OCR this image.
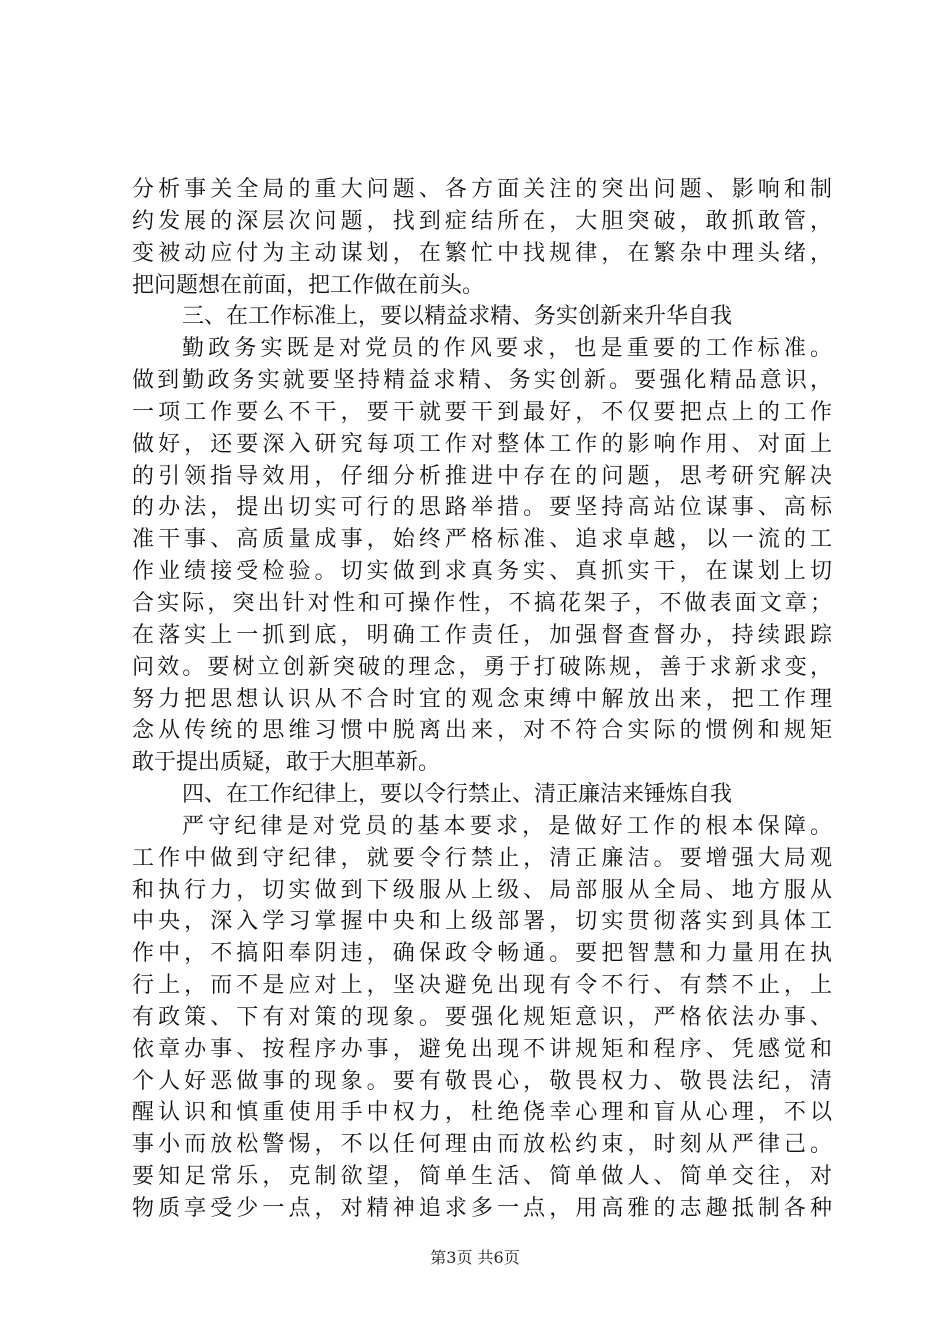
分析事关全局的重大问题、各方面关注的突出问题、影响和制
约发展的深层次问题，找到症结所在，大胆突破，敢抓敢管，
变被动应付为主动谋划，在繁忙中找规律，在繁杂中理头绪，
把问题想在前面，把工作做在前头。
三、在工作标准上，要以精益求精、务实创新来升华自我
勤政务实既是对党员的作风要求，也是重要的工作标准。
做到勤政务实就要坚持精益求精、务实创新。要强化精品意识，
一项工作要么不干，要干就要干到最好，不仅要把点上的工作
做好，还要深入研究每项工作对整体工作的影响作用、对面上
的引领指导效用，仔细分析推进中存在的问题，思考研究解决
的办法，提出切实可行的思路举措。要坚持高站位谋事、高标
准干事、高质量成事，始终严格标准、追求卓越，以一流的工
作业绩接受检验。切实做到求真务实、真抓实干，在谋划上切
合实际，突出针对性和可操作性，不搞花架子，不做表面文章；
在落实上一抓到底，明确工作责任，加强督查督办，持续跟踪
问效。要树立创新突破的理念，勇于打破陈规，善于求新求变，
努力把思想认识从不合时宜的观念束缚中解放出来，把工作理
念从传统的思维习惯中脱离出来，对不符合实际的惯例和规矩
敢于提出质疑，敢于大胆革新。
四、在工作纪律上，要以令行禁止、清正廉洁来锤炼自我
严守纪律是对党员的基本要求，是做好工作的根本保障。
工作中做到守纪律，就要令行禁止，清正廉洁。要增强大局观
和执行力，切实做到下级服从上级、局部服从全局、地方服从
中央，深入学习掌握中央和上级部署，切实贯彻落实到具体工
作中，不搞阳奉阴违，确保政令畅通。要把智慧和力量用在执
行上，而不是应对上，坚决避免出现有令不行、有禁不止，上
有政策、下有对策的现象。要强化规矩意识，严格依法办事、
依章办事、按程序办事，避免出现不讲规矩和程序、凭感觉和
个人好恶做事的现象。要有敬畏心，敬畏权力、敬畏法纪，清
醒认识和慎重使用手中权力，杜绝侥幸心理和盲从心理，不以
事小而放松警惕，不以任何理由而放松约束，时刻从严律己。
要知足常乐，克制欲望，简单生活、简单做人、简单交往，对
物质享受少一点，对精神追求多一点，用高雅的志趣抵制各种
第3页 共6页
